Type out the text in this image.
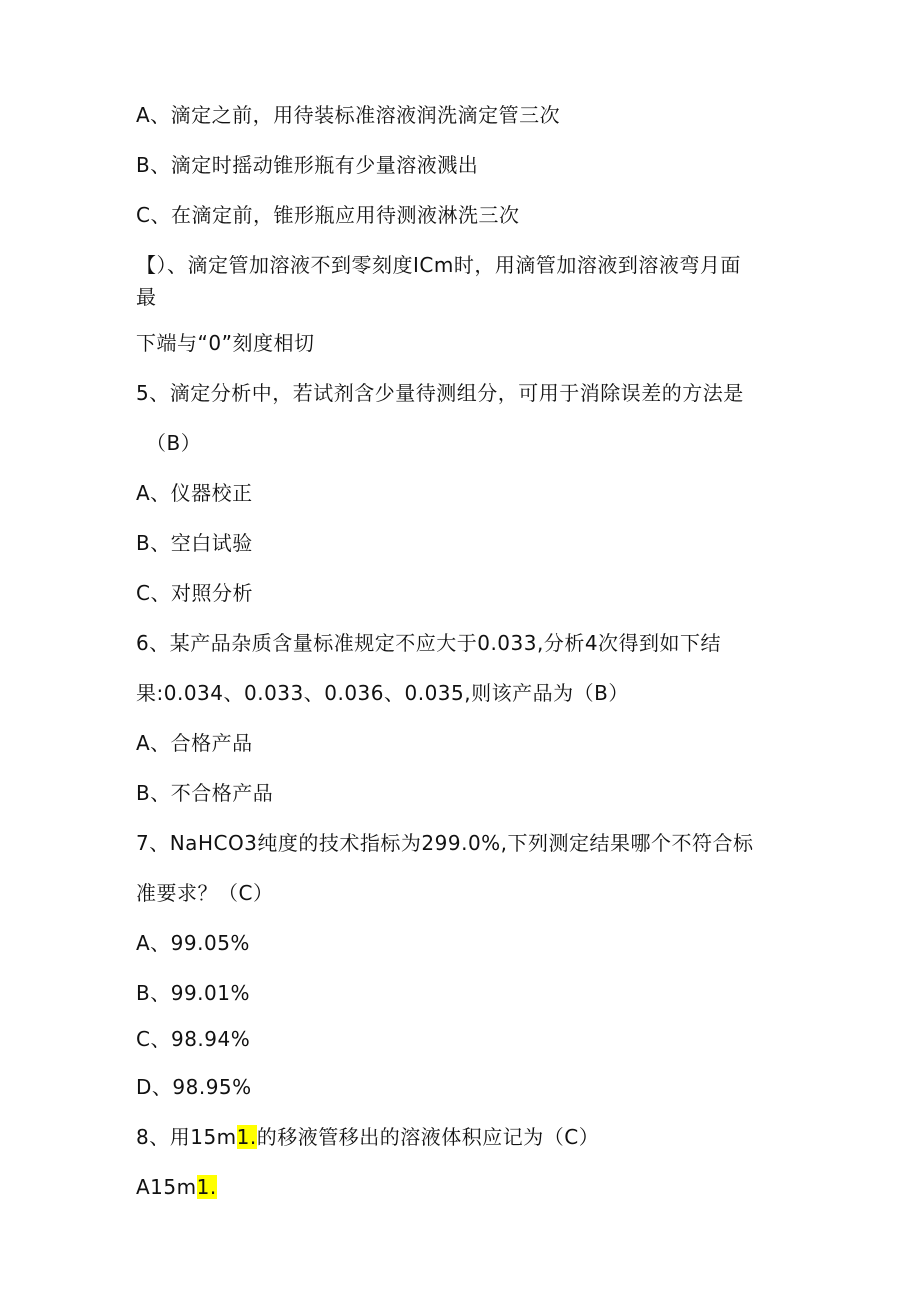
A、滴定之前，用待装标准溶液润洗滴定管三次
B、滴定时摇动锥形瓶有少量溶液溅出
C、在滴定前，锥形瓶应用待测液淋洗三次
【）、滴定管加溶液不到零刻度ICm时，用滴管加溶液到溶液弯月面
最
下端与“0”刻度相切
5、滴定分析中，若试剂含少量待测组分，可用于消除误差的方法是
（B）
A、仪器校正
B、空白试验
C、对照分析
6、某产品杂质含量标准规定不应大于0.033,分析4次得到如下结
果:0.034、0.033、0.036、0.035,则该产品为（B）
A、合格产品
B、不合格产品
7、NaHCO3纯度的技术指标为299.0%,下列测定结果哪个不符合标
准要求？（C）
A、99.05%
B、99.01%
C、98.94%
D、98.95%
8、用15m1.的移液管移出的溶液体积应记为（C）
A15m1.
